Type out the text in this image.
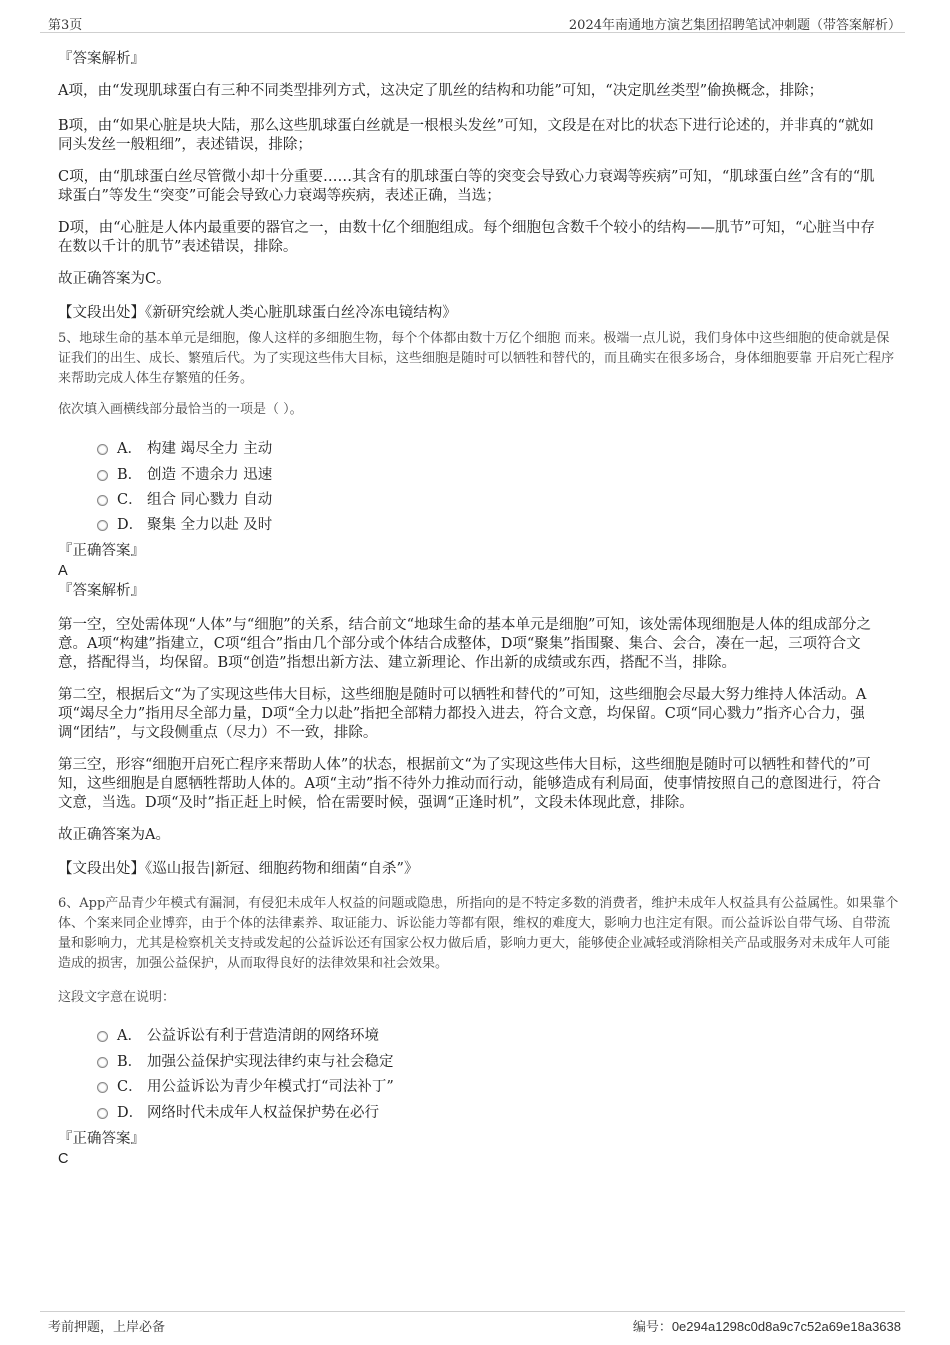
第3页	2024年南通地方演艺集团招聘笔试冲刺题（带答案解析）

『答案解析』

A项，由“发现肌球蛋白有三种不同类型排列方式，这决定了肌丝的结构和功能”可知，“决定肌丝类型”偷换概念，排除；

B项，由“如果心脏是块大陆，那么这些肌球蛋白丝就是一根根头发丝”可知，文段是在对比的状态下进行论述的，并非真的“就如同头发丝一般粗细”，表述错误，排除；

C项，由“肌球蛋白丝尽管微小却十分重要……其含有的肌球蛋白等的突变会导致心力衰竭等疾病”可知，“肌球蛋白丝”含有的“肌球蛋白”等发生“突变”可能会导致心力衰竭等疾病，表述正确，当选；

D项，由“心脏是人体内最重要的器官之一，由数十亿个细胞组成。每个细胞包含数千个较小的结构——肌节”可知，“心脏当中存在数以千计的肌节”表述错误，排除。

故正确答案为C。

【文段出处】《新研究绘就人类心脏肌球蛋白丝冷冻电镜结构》

5、地球生命的基本单元是细胞，像人这样的多细胞生物，每个个体都由数十万亿个细胞 而来。极端一点儿说，我们身体中这些细胞的使命就是保证我们的出生、成长、繁殖后代。为了实现这些伟大目标，这些细胞是随时可以牺牲和替代的，而且确实在很多场合，身体细胞要靠 开启死亡程序来帮助完成人体生存繁殖的任务。

依次填入画横线部分最恰当的一项是（ ）。

A． 构建 竭尽全力 主动
B． 创造 不遗余力 迅速
C． 组合 同心戮力 自动
D． 聚集 全力以赴 及时

『正确答案』

A

『答案解析』

第一空，空处需体现“人体”与“细胞”的关系，结合前文“地球生命的基本单元是细胞”可知，该处需体现细胞是人体的组成部分之意。A项“构建”指建立，C项“组合”指由几个部分或个体结合成整体，D项“聚集”指围聚、集合、会合，凑在一起，三项符合文意，搭配得当，均保留。B项“创造”指想出新方法、建立新理论、作出新的成绩或东西，搭配不当，排除。

第二空，根据后文“为了实现这些伟大目标，这些细胞是随时可以牺牲和替代的”可知，这些细胞会尽最大努力维持人体活动。A项“竭尽全力”指用尽全部力量，D项“全力以赴”指把全部精力都投入进去，符合文意，均保留。C项“同心戮力”指齐心合力，强调“团结”，与文段侧重点（尽力）不一致，排除。

第三空，形容“细胞开启死亡程序来帮助人体”的状态，根据前文“为了实现这些伟大目标，这些细胞是随时可以牺牲和替代的”可知，这些细胞是自愿牺牲帮助人体的。A项“主动”指不待外力推动而行动，能够造成有利局面，使事情按照自己的意图进行，符合文意，当选。D项“及时”指正赶上时候，恰在需要时候，强调“正逢时机”，文段未体现此意，排除。

故正确答案为A。

【文段出处】《巡山报告|新冠、细胞药物和细菌“自杀”》

6、App产品青少年模式有漏洞，有侵犯未成年人权益的问题或隐患，所指向的是不特定多数的消费者，维护未成年人权益具有公益属性。如果靠个体、个案来同企业博弈，由于个体的法律素养、取证能力、诉讼能力等都有限，维权的难度大，影响力也注定有限。而公益诉讼自带气场、自带流量和影响力，尤其是检察机关支持或发起的公益诉讼还有国家公权力做后盾，影响力更大，能够使企业减轻或消除相关产品或服务对未成年人可能造成的损害，加强公益保护，从而取得良好的法律效果和社会效果。

这段文字意在说明：

A． 公益诉讼有利于营造清朗的网络环境
B． 加强公益保护实现法律约束与社会稳定
C． 用公益诉讼为青少年模式打“司法补丁”
D． 网络时代未成年人权益保护势在必行

『正确答案』

C

考前押题，上岸必备	编号：0e294a1298c0d8a9c7c52a69e18a3638
